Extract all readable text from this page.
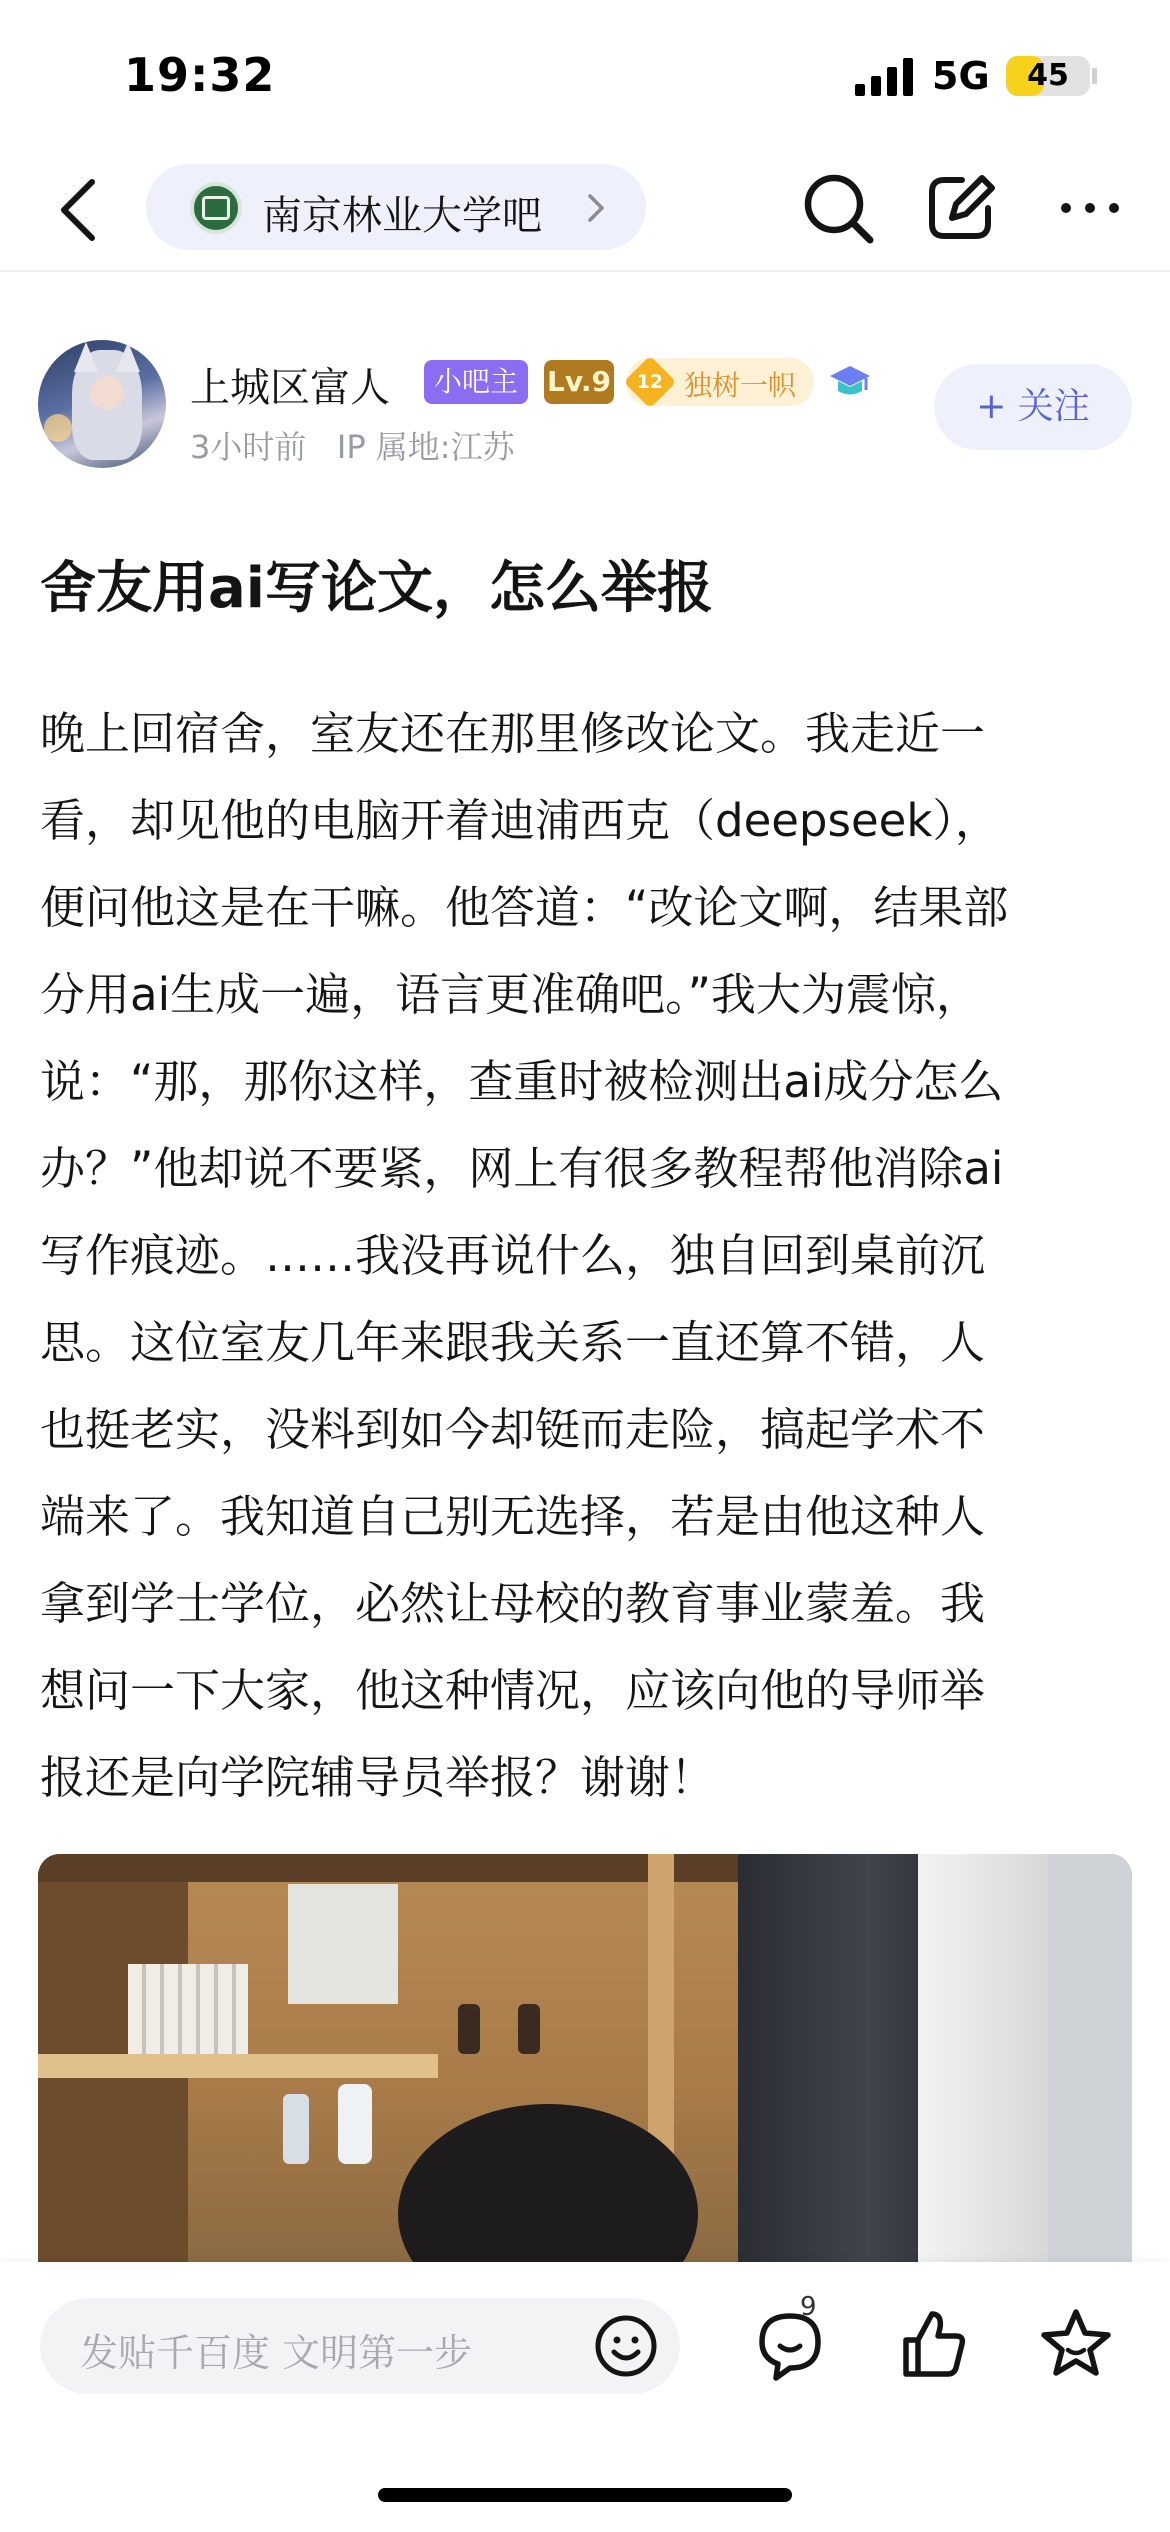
19:32	5G	45
南京林业大学吧
上城区富人	小吧主	Lv.9	12 独树一帜
3小时前 IP 属地:江苏
+ 关注
舍友用ai写论文，怎么举报
晚上回宿舍，室友还在那里修改论文。我走近一
看，却见他的电脑开着迪浦西克（deepseek），
便问他这是在干嘛。他答道：“改论文啊，结果部
分用ai生成一遍，语言更准确吧。”我大为震惊，
说：“那，那你这样，查重时被检测出ai成分怎么
办？”他却说不要紧，网上有很多教程帮他消除ai
写作痕迹。……我没再说什么，独自回到桌前沉
思。这位室友几年来跟我关系一直还算不错，人
也挺老实，没料到如今却铤而走险，搞起学术不
端来了。我知道自己别无选择，若是由他这种人
拿到学士学位，必然让母校的教育事业蒙羞。我
想问一下大家，他这种情况，应该向他的导师举
报还是向学院辅导员举报？谢谢！
发贴千百度 文明第一步
9
